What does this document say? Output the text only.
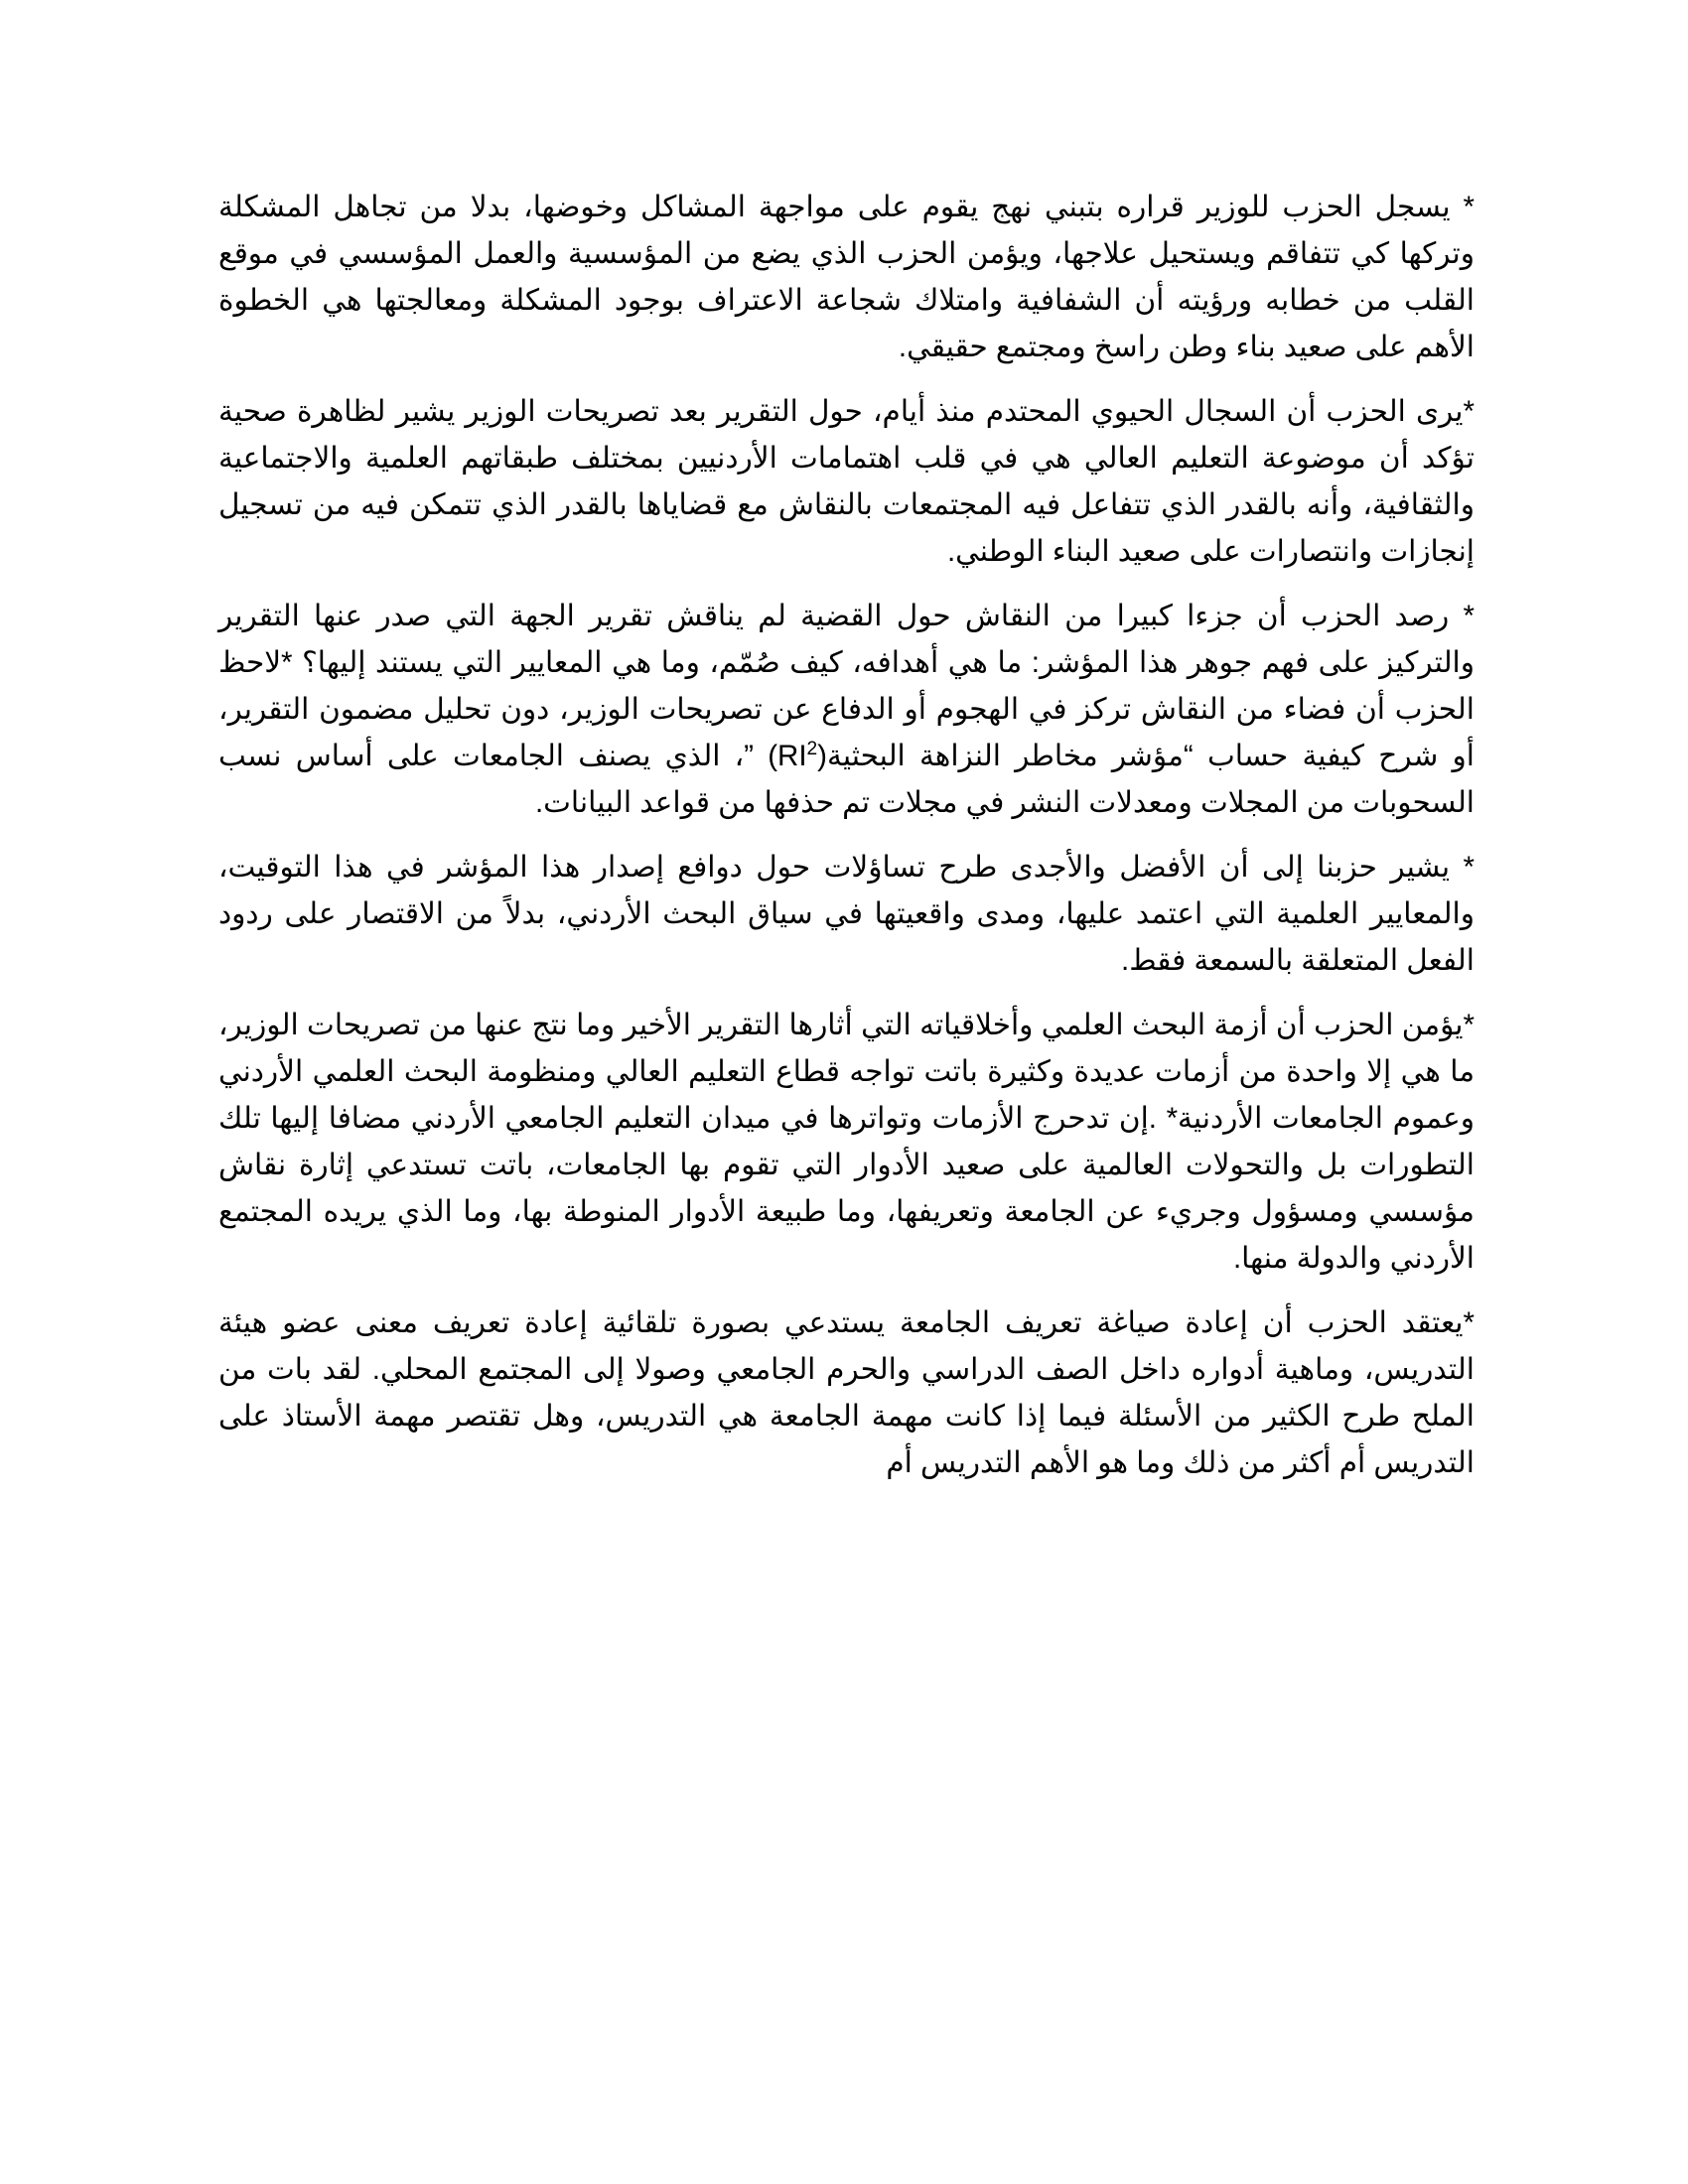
* يسجل الحزب للوزير قراره بتبني نهج يقوم على مواجهة المشاكل وخوضها، بدلا من تجاهل المشكلة وتركها كي تتفاقم ويستحيل علاجها، ويؤمن الحزب الذي يضع من المؤسسية والعمل المؤسسي في موقع القلب من خطابه ورؤيته أن الشفافية وامتلاك شجاعة الاعتراف بوجود المشكلة ومعالجتها هي الخطوة الأهم على صعيد بناء وطن راسخ ومجتمع حقيقي.

*يرى الحزب أن السجال الحيوي المحتدم منذ أيام، حول التقرير بعد تصريحات الوزير يشير لظاهرة صحية تؤكد أن موضوعة التعليم العالي هي في قلب اهتمامات الأردنيين بمختلف طبقاتهم العلمية والاجتماعية والثقافية، وأنه بالقدر الذي تتفاعل فيه المجتمعات بالنقاش مع قضاياها بالقدر الذي تتمكن فيه من تسجيل إنجازات وانتصارات على صعيد البناء الوطني.

* رصد الحزب أن جزءا كبيرا من النقاش حول القضية لم يناقش تقرير الجهة التي صدر عنها التقرير والتركيز على فهم جوهر هذا المؤشر: ما هي أهدافه، كيف صُمّم، وما هي المعايير التي يستند إليها؟ *لاحظ الحزب أن فضاء من النقاش تركز في الهجوم أو الدفاع عن تصريحات الوزير، دون تحليل مضمون التقرير، أو شرح كيفية حساب “مؤشر مخاطر النزاهة $البحثية(RI^2)$ ”، الذي يصنف الجامعات على أساس نسب السحوبات من المجلات ومعدلات النشر في مجلات تم حذفها من قواعد البيانات.

* يشير حزبنا إلى أن الأفضل والأجدى طرح تساؤلات حول دوافع إصدار هذا المؤشر في هذا التوقيت، والمعايير العلمية التي اعتمد عليها، ومدى واقعيتها في سياق البحث الأردني، بدلاً من الاقتصار على ردود الفعل المتعلقة بالسمعة فقط.

*يؤمن الحزب أن أزمة البحث العلمي وأخلاقياته التي أثارها التقرير الأخير وما نتج عنها من تصريحات الوزير، ما هي إلا واحدة من أزمات عديدة وكثيرة باتت تواجه قطاع التعليم العالي ومنظومة البحث العلمي الأردني وعموم الجامعات الأردنية* .إن تدحرج الأزمات وتواترها في ميدان التعليم الجامعي الأردني مضافا إليها تلك التطورات بل والتحولات العالمية على صعيد الأدوار التي تقوم بها الجامعات، باتت تستدعي إثارة نقاش مؤسسي ومسؤول وجريء عن الجامعة وتعريفها، وما طبيعة الأدوار المنوطة بها، وما الذي يريده المجتمع الأردني والدولة منها.

*يعتقد الحزب أن إعادة صياغة تعريف الجامعة يستدعي بصورة تلقائية إعادة تعريف معنى عضو هيئة التدريس، وماهية أدواره داخل الصف الدراسي والحرم الجامعي وصولا إلى المجتمع المحلي. لقد بات من الملح طرح الكثير من الأسئلة فيما إذا كانت مهمة الجامعة هي التدريس، وهل تقتصر مهمة الأستاذ على التدريس أم أكثر من ذلك وما هو الأهم التدريس أم
